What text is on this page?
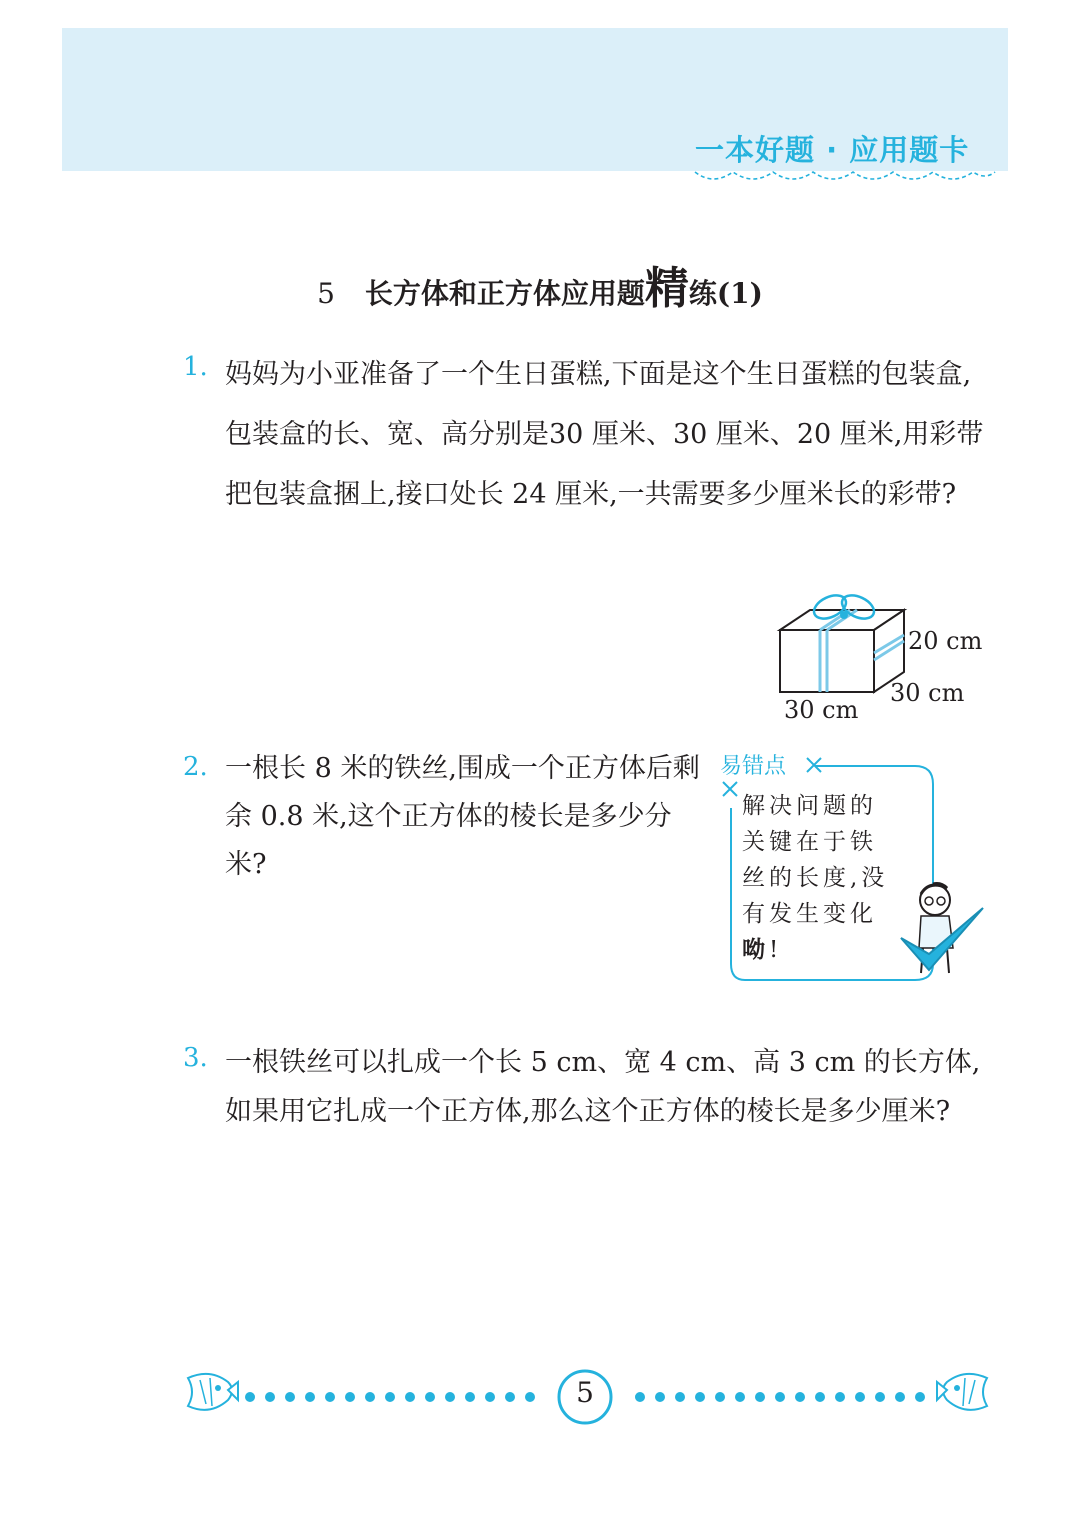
一本好题 · 应用题卡
5 长方体和正方体应用题精练(1)
1. 妈妈为小亚准备了一个生日蛋糕,下面是这个生日蛋糕的包装盒,包装盒的长、宽、高分别是30 厘米、30 厘米、20 厘米,用彩带把包装盒捆上,接口处长 24 厘米,一共需要多少厘米长的彩带?
20 cm
30 cm
30 cm
2. 一根长 8 米的铁丝,围成一个正方体后剩余 0.8 米,这个正方体的棱长是多少分米?
易错点
解决问题的关键在于铁丝的长度,没有发生变化呦!
3. 一根铁丝可以扎成一个长 5 cm、宽 4 cm、高 3 cm 的长方体,如果用它扎成一个正方体,那么这个正方体的棱长是多少厘米?
5
